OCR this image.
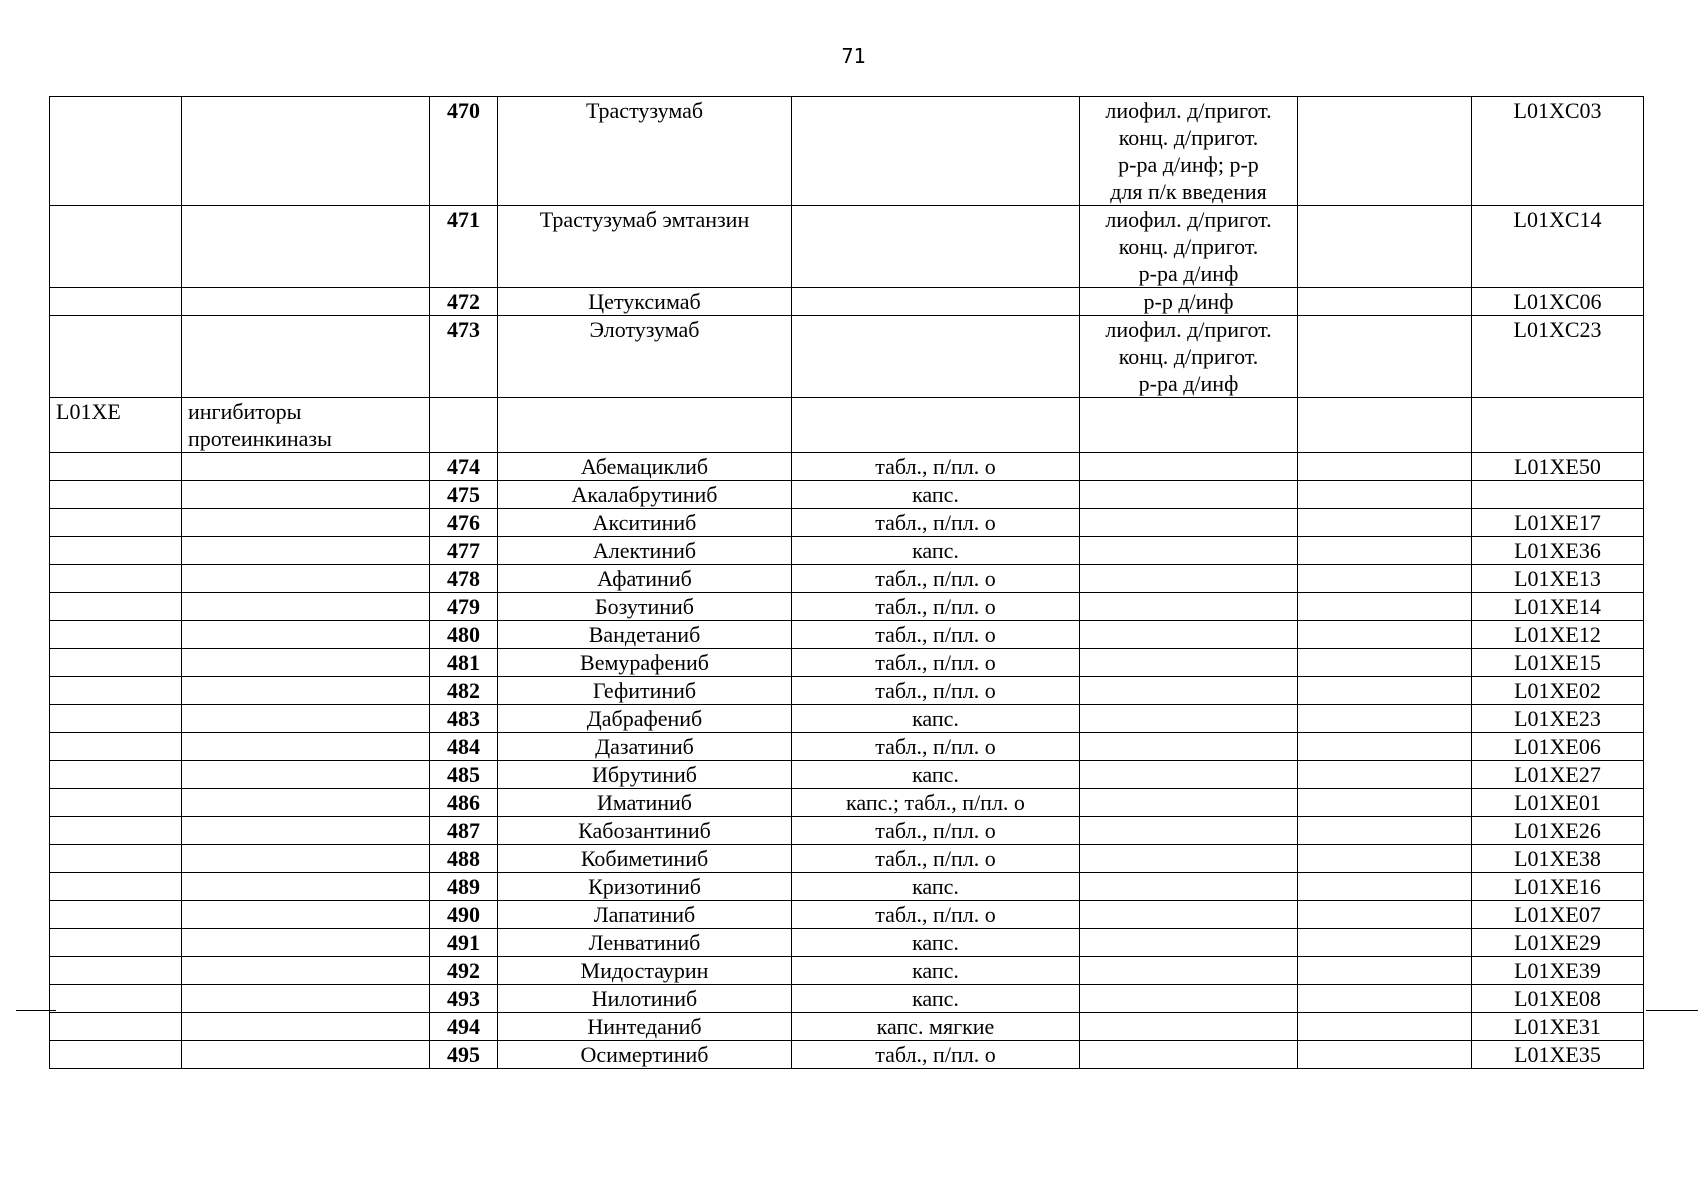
71
		470	Трастузумаб		лиофил. д/пригот.
конц. д/пригот.
р-ра д/инф; р-р
для п/к введения		L01XC03
		471	Трастузумаб эмтанзин		лиофил. д/пригот.
конц. д/пригот.
р-ра д/инф		L01XC14
		472	Цетуксимаб		р-р д/инф		L01XC06
		473	Элотузумаб		лиофил. д/пригот.
конц. д/пригот.
р-ра д/инф		L01XC23
L01XE	ингибиторы
протеинкиназы						

		474	Абемациклиб	табл., п/пл. о			L01XE50
		475	Акалабрутиниб	капс.	

		476	Акситиниб	табл., п/пл. о			L01XE17
		477	Алектиниб	капс.			L01XE36
		478	Афатиниб	табл., п/пл. о			L01XE13
		479	Бозутиниб	табл., п/пл. о			L01XE14
		480	Вандетаниб	табл., п/пл. о			L01XE12
		481	Вемурафениб	табл., п/пл. о			L01XE15
		482	Гефитиниб	табл., п/пл. о			L01XE02
		483	Дабрафениб	капс.			L01XE23
		484	Дазатиниб	табл., п/пл. о			L01XE06
		485	Ибрутиниб	капс.			L01XE27
		486	Иматиниб	капс.; табл., п/пл. о			L01XE01
		487	Кабозантиниб	табл., п/пл. о			L01XE26
		488	Кобиметиниб	табл., п/пл. о			L01XE38
		489	Кризотиниб	капс.			L01XE16
		490	Лапатиниб	табл., п/пл. о			L01XE07
		491	Ленватиниб	капс.			L01XE29
		492	Мидостаурин	капс.			L01XE39
		493	Нилотиниб	капс.			L01XE08
		494	Нинтеданиб	капс. мягкие			L01XE31
		495	Осимертиниб	табл., п/пл. о			L01XE35
